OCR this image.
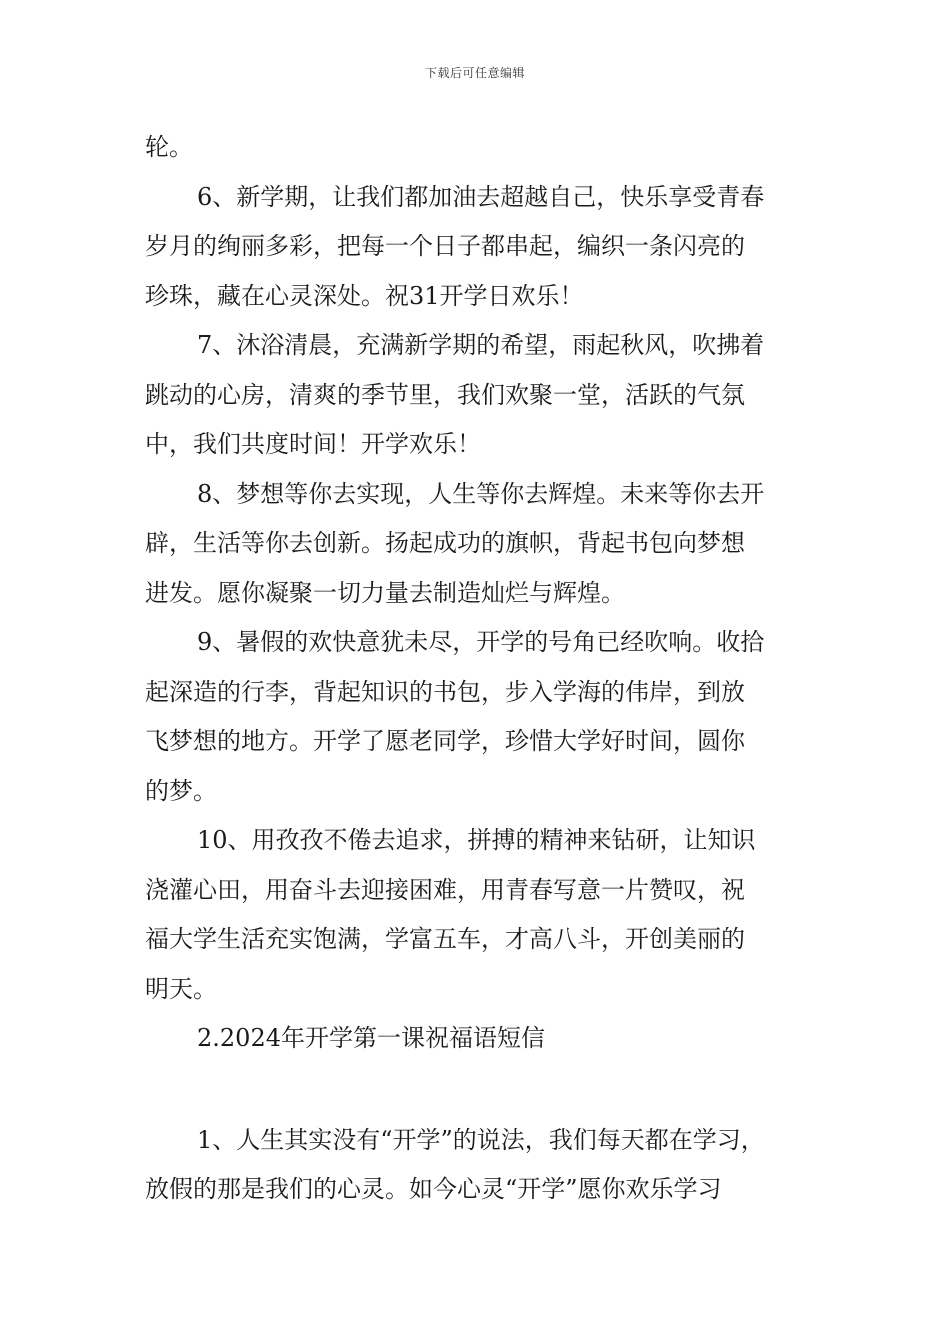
下载后可任意编辑
轮。
6、新学期，让我们都加油去超越自己，快乐享受青春
岁月的绚丽多彩，把每一个日子都串起，编织一条闪亮的
珍珠，藏在心灵深处。祝31开学日欢乐！
7、沐浴清晨，充满新学期的希望，雨起秋风，吹拂着
跳动的心房，清爽的季节里，我们欢聚一堂，活跃的气氛
中，我们共度时间！开学欢乐！
8、梦想等你去实现，人生等你去辉煌。未来等你去开
辟，生活等你去创新。扬起成功的旗帜，背起书包向梦想
进发。愿你凝聚一切力量去制造灿烂与辉煌。
9、暑假的欢快意犹未尽，开学的号角已经吹响。收拾
起深造的行李，背起知识的书包，步入学海的伟岸，到放
飞梦想的地方。开学了愿老同学，珍惜大学好时间，圆你
的梦。
10、用孜孜不倦去追求，拼搏的精神来钻研，让知识
浇灌心田，用奋斗去迎接困难，用青春写意一片赞叹，祝
福大学生活充实饱满，学富五车，才高八斗，开创美丽的
明天。
2.2024年开学第一课祝福语短信
1、人生其实没有“开学”的说法，我们每天都在学习，
放假的那是我们的心灵。如今心灵“开学”愿你欢乐学习
